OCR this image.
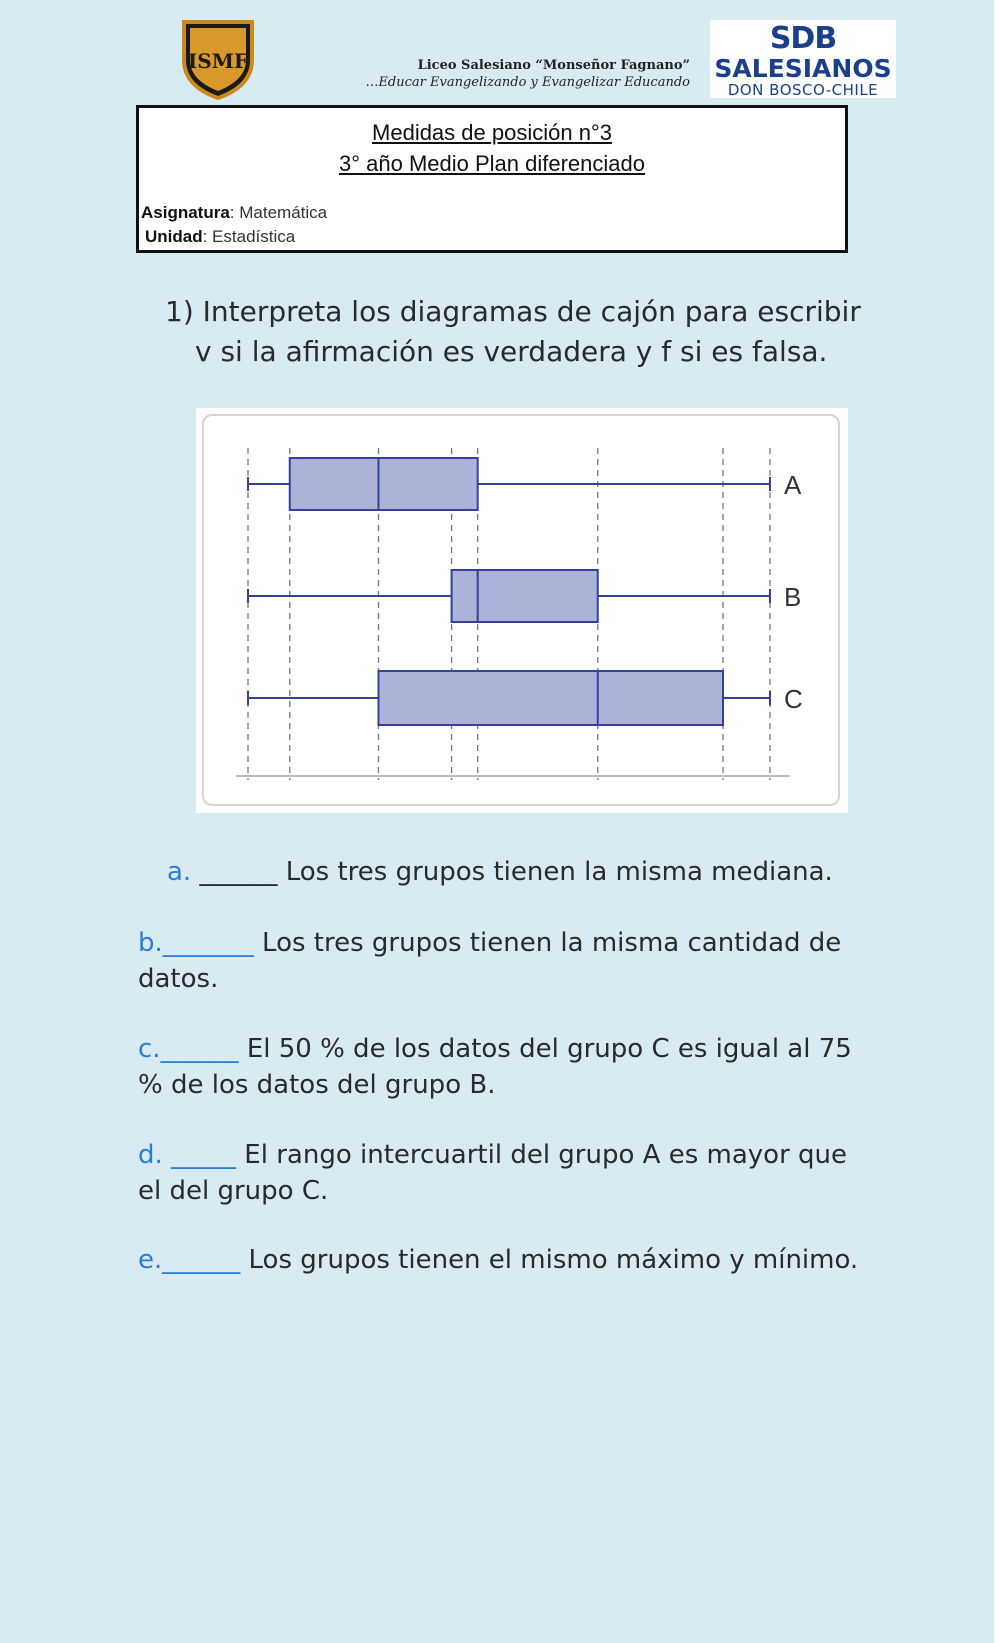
ISMF	Liceo Salesiano “Monseñor Fagnano”
…Educar Evangelizando y Evangelizar Educando
SDB
SALESIANOS
DON BOSCO-CHILE
Medidas de posición n°3
3° año Medio Plan diferenciado
Asignatura: Matemática
Unidad: Estadística
1) Interpreta los diagramas de cajón para escribir
v si la afirmación es verdadera y f si es falsa.
A
B
C
a. ______ Los tres grupos tienen la misma mediana.
b._______ Los tres grupos tienen la misma cantidad de datos.
c.______ El 50 % de los datos del grupo C es igual al 75 % de los datos del grupo B.
d. _____ El rango intercuartil del grupo A es mayor que el del grupo C.
e.______ Los grupos tienen el mismo máximo y mínimo.
